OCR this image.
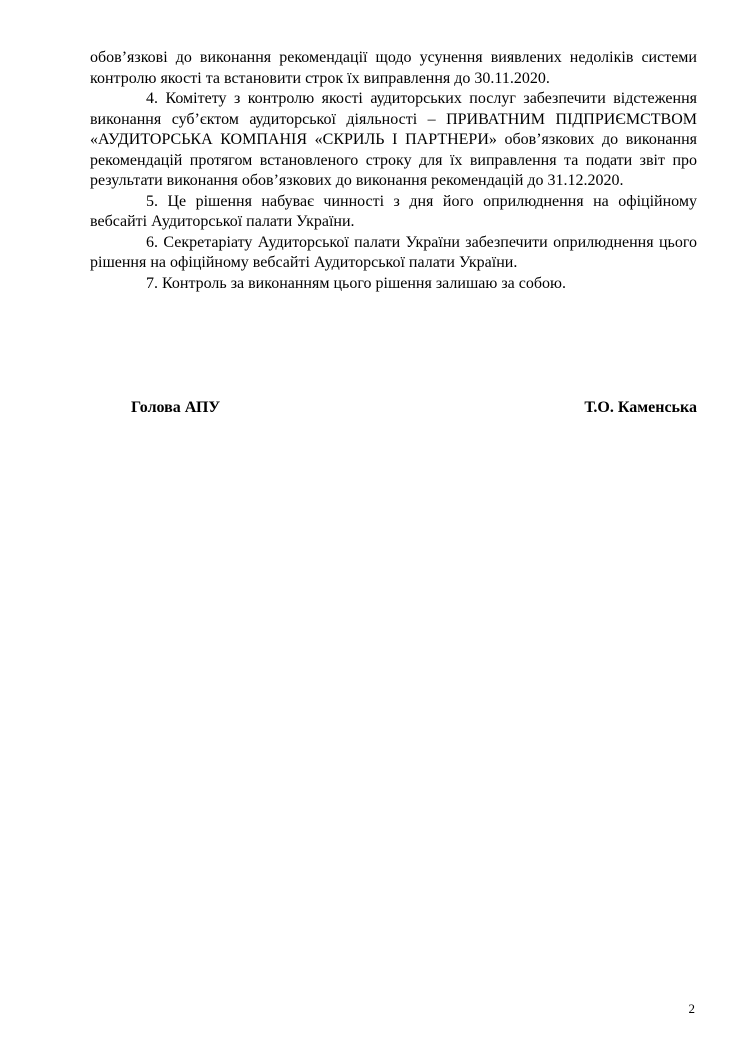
обов’язкові до виконання рекомендації щодо усунення виявлених недоліків системи контролю якості та встановити строк їх виправлення до 30.11.2020.

4. Комітету з контролю якості аудиторських послуг забезпечити відстеження виконання суб’єктом аудиторської діяльності – ПРИВАТНИМ ПІДПРИЄМСТВОМ «АУДИТОРСЬКА КОМПАНІЯ «СКРИЛЬ І ПАРТНЕРИ» обов’язкових до виконання рекомендацій протягом встановленого строку для їх виправлення та подати звіт про результати виконання обов’язкових до виконання рекомендацій до 31.12.2020.

5. Це рішення набуває чинності з дня його оприлюднення на офіційному вебсайті Аудиторської палати України.

6. Секретаріату Аудиторської палати України забезпечити оприлюднення цього рішення на офіційному вебсайті Аудиторської палати України.

7. Контроль за виконанням цього рішення залишаю за собою.

Голова АПУ	Т.О. Каменська
2
